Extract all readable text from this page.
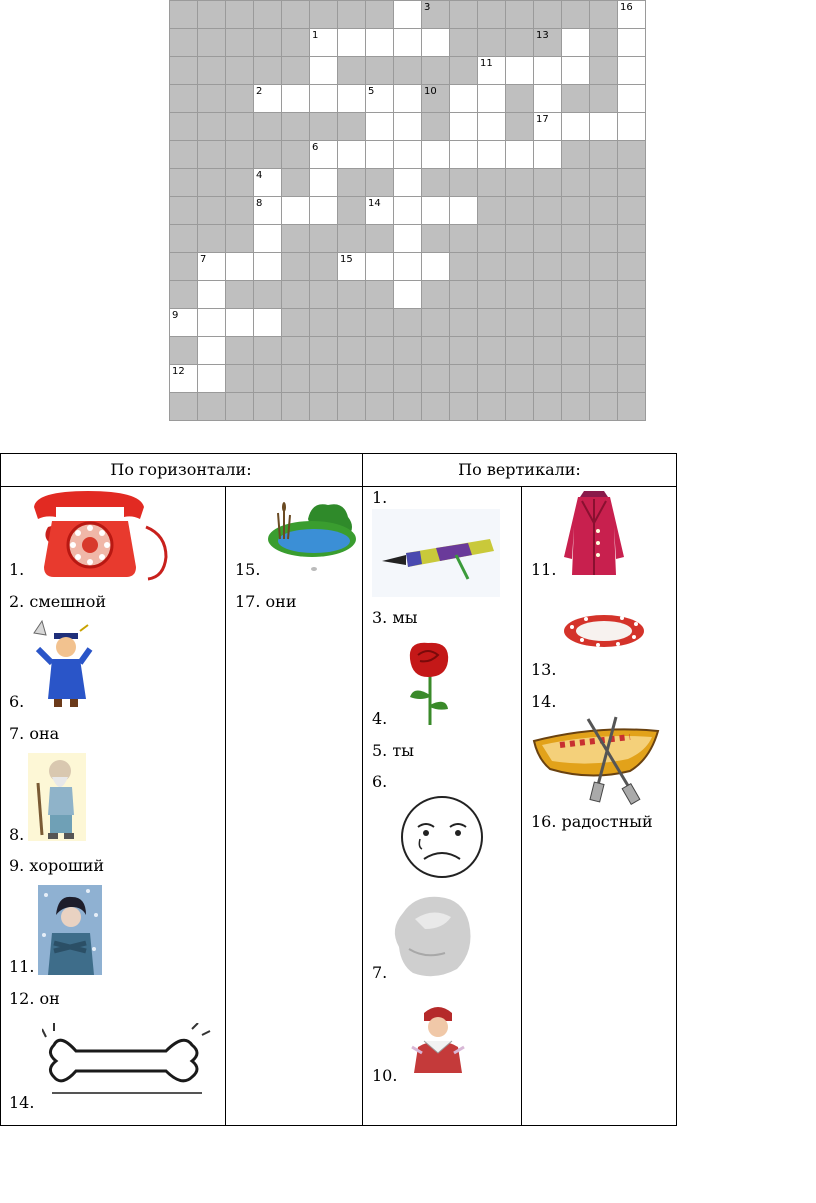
3	16
1	13
11
2	5	10
17
6
4
8	14
7	15
9
12
По горизонтали:	По вертикали:
1.
2. смешной
6.
7. она
8.
9. хороший
11.
12. он
14.
15.
17. они
1.
3. мы
4.
5. ты
6.
7.
10.
11.
13.
14.
16. радостный
